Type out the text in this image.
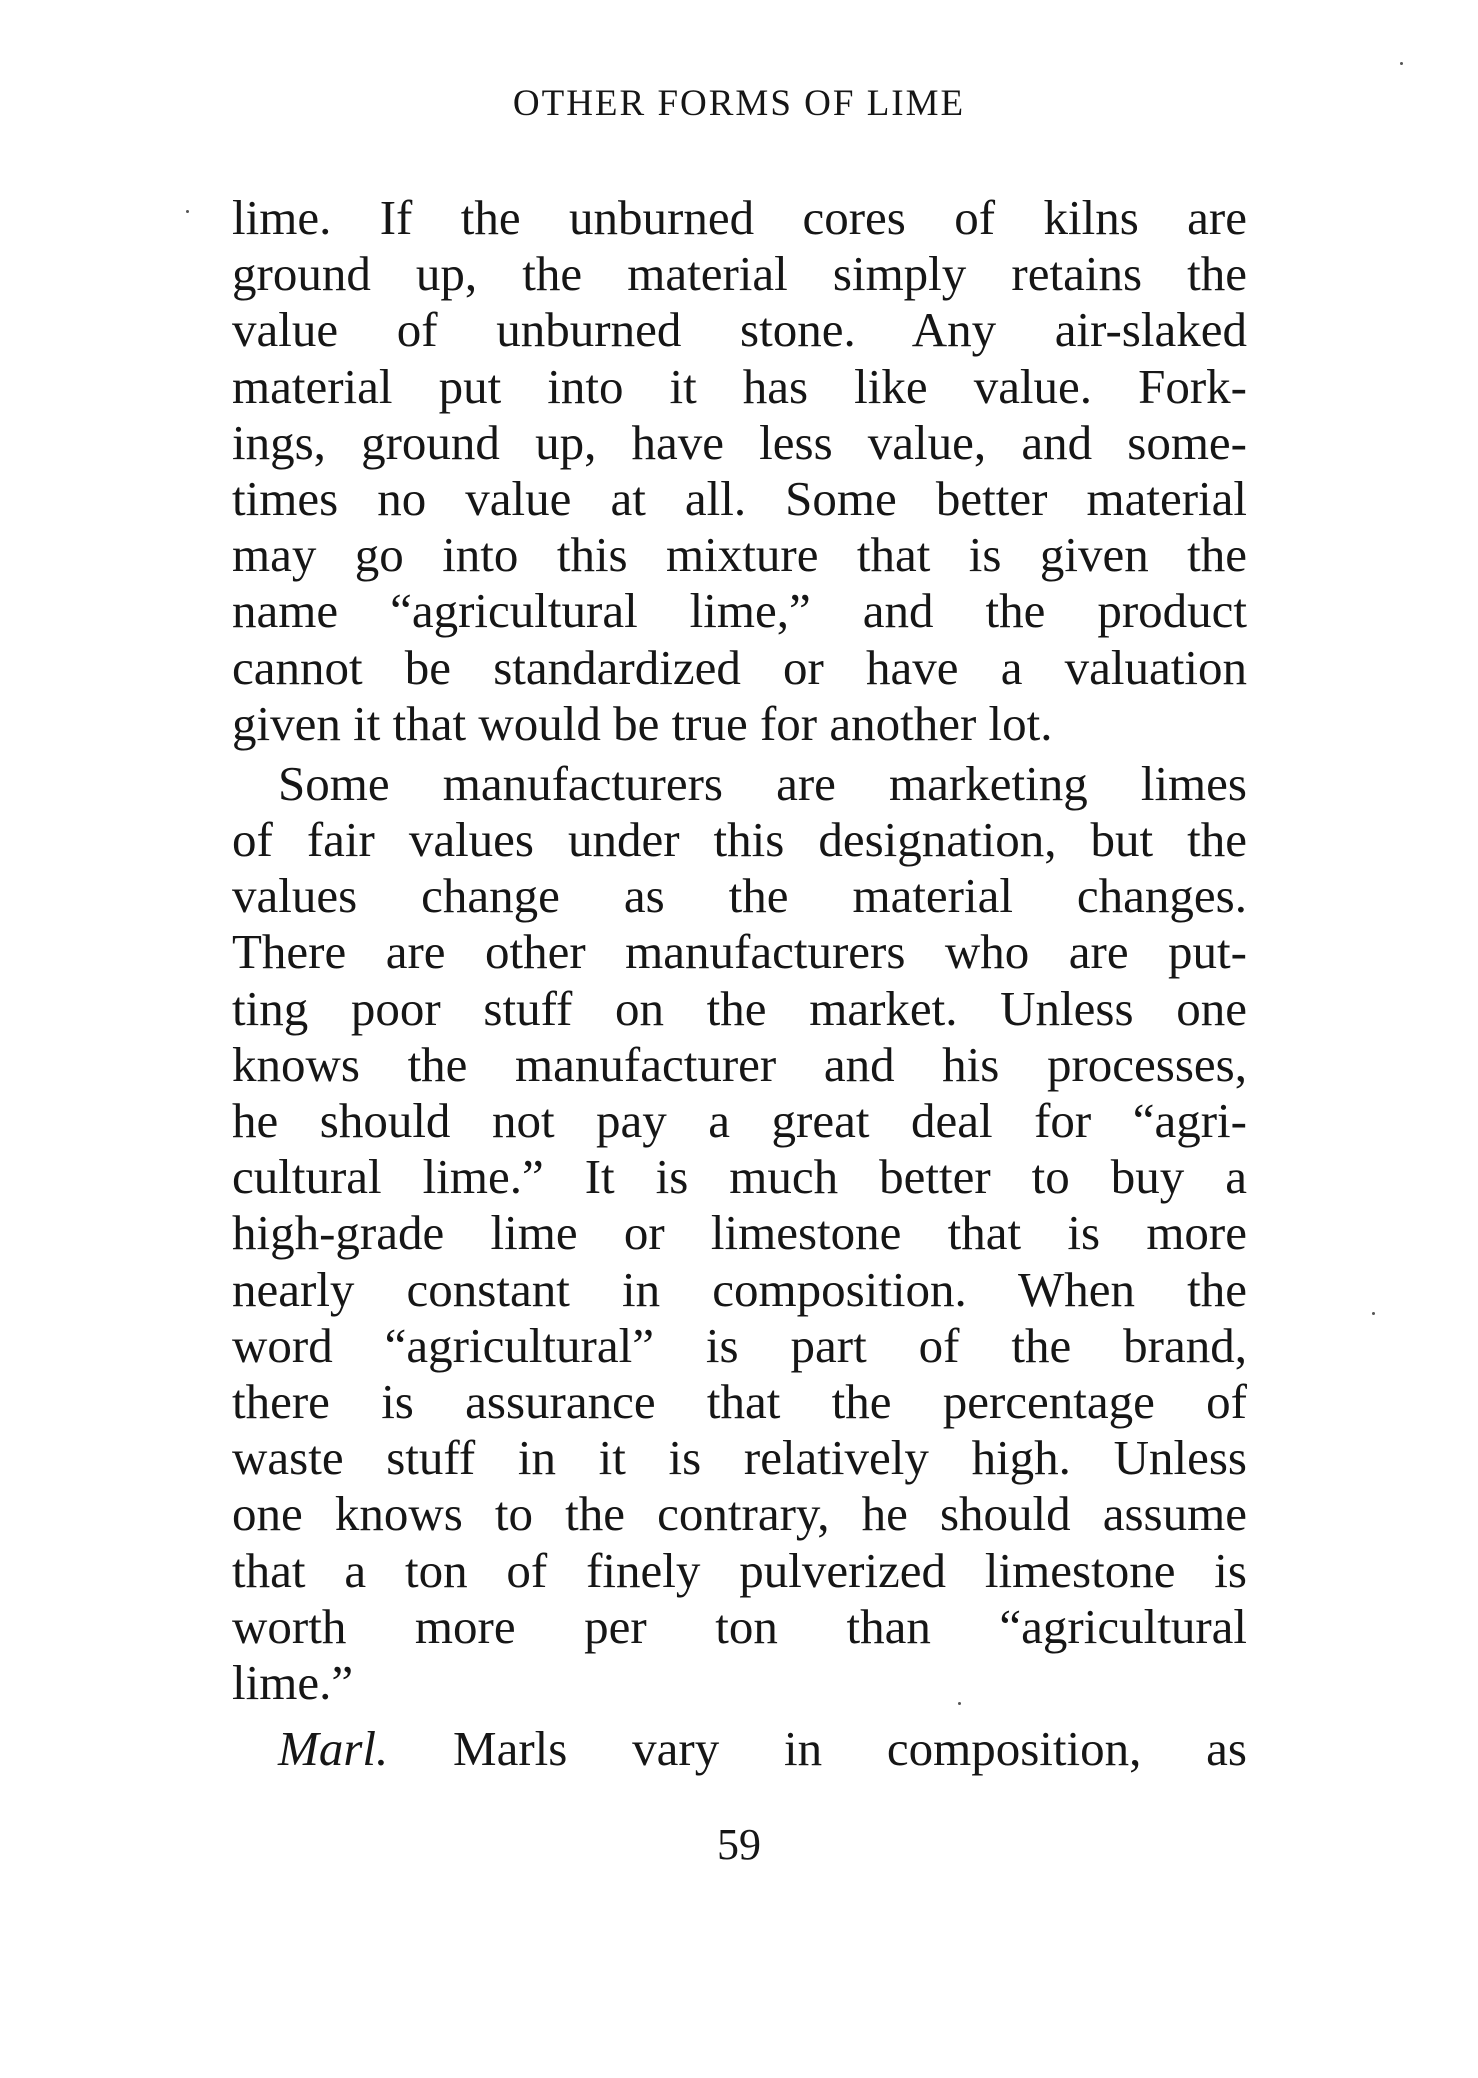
OTHER FORMS OF LIME
lime. If the unburned cores of kilns are
ground up, the material simply retains the
value of unburned stone. Any air-slaked
material put into it has like value. Fork-
ings, ground up, have less value, and some-
times no value at all. Some better material
may go into this mixture that is given the
name “agricultural lime,” and the product
cannot be standardized or have a valuation
given it that would be true for another lot.
Some manufacturers are marketing limes
of fair values under this designation, but the
values change as the material changes.
There are other manufacturers who are put-
ting poor stuff on the market. Unless one
knows the manufacturer and his processes,
he should not pay a great deal for “agri-
cultural lime.” It is much better to buy a
high-grade lime or limestone that is more
nearly constant in composition. When the
word “agricultural” is part of the brand,
there is assurance that the percentage of
waste stuff in it is relatively high. Unless
one knows to the contrary, he should assume
that a ton of finely pulverized limestone is
worth more per ton than “agricultural
lime.”
Marl. Marls vary in composition, as
59
